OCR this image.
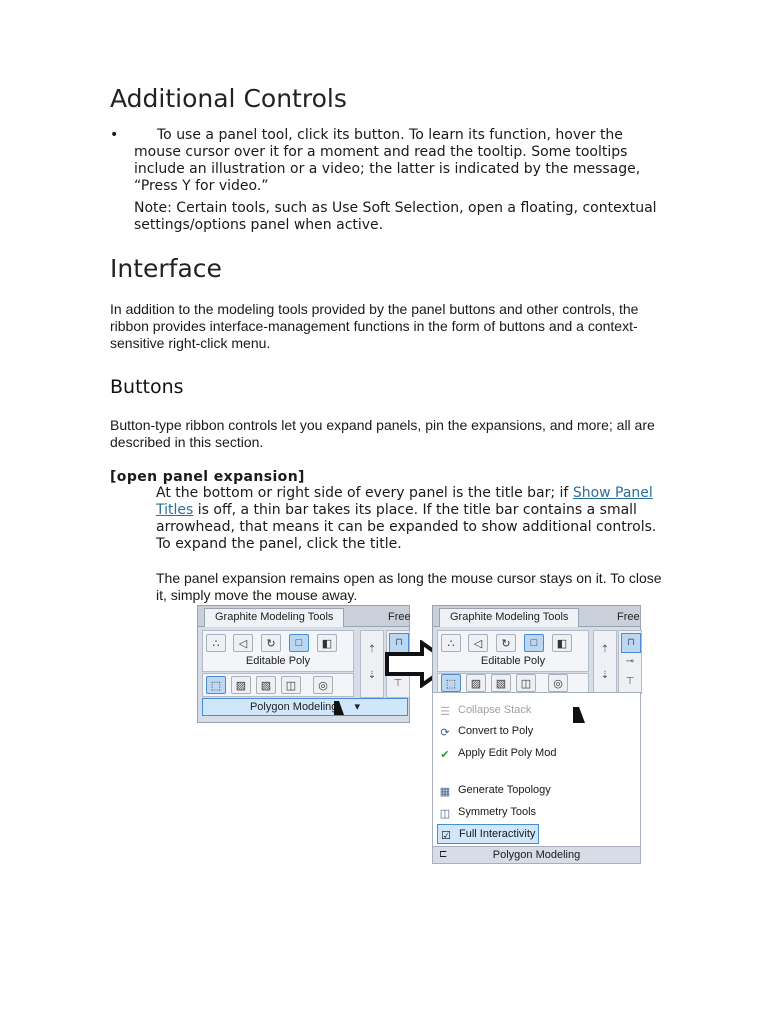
Additional Controls
•	To use a panel tool, click its button. To learn its function, hover the mouse cursor over it for a moment and read the tooltip. Some tooltips include an illustration or a video; the latter is indicated by the message, “Press Y for video.”
Note: Certain tools, such as Use Soft Selection, open a floating, contextual settings/options panel when active.
Interface
In addition to the modeling tools provided by the panel buttons and other controls, the ribbon provides interface-management functions in the form of buttons and a context-sensitive right-click menu.
Buttons
Button-type ribbon controls let you expand panels, pin the expansions, and more; all are described in this section.
[open panel expansion]
At the bottom or right side of every panel is the title bar; if Show Panel Titles is off, a thin bar takes its place. If the title bar contains a small arrowhead, that means it can be expanded to show additional controls. To expand the panel, click the title.
The panel expansion remains open as long the mouse cursor stays on it. To close it, simply move the mouse away.
Graphite Modeling Tools	Free
∴	◁	↻	□	◧
Editable Poly
⬚	▨	▧	◫	◎
⇡
⇣
⊓
⊤
Polygon Modeling ▾
Graphite Modeling Tools	Free
∴	◁	↻	□	◧
Editable Poly
⬚	▨	▧	◫	◎
⇡
⇣
⊓
⊸
⊤
☰ Collapse Stack
⟳ Convert to Poly
✔ Apply Edit Poly Mod
▦ Generate Topology
◫ Symmetry Tools
☑ Full Interactivity
⊏	Polygon Modeling
